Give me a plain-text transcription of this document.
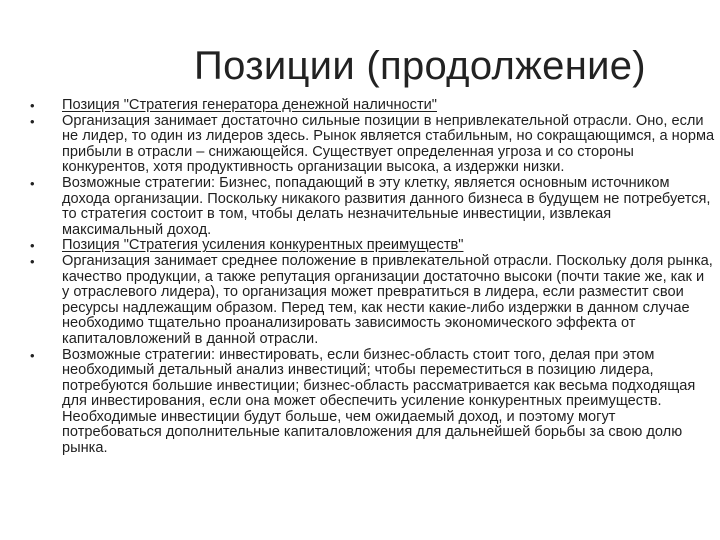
Позиции (продолжение)
•	Позиция "Стратегия генератора денежной наличности"
•	Организация занимает достаточно сильные позиции в непривлекательной отрасли. Оно, если не лидер, то один из лидеров здесь. Рынок является стабильным, но сокращающимся, а норма прибыли в отрасли – снижающейся. Существует определенная угроза и со стороны конкурентов, хотя продуктивность организации высока, а издержки низки.
•	Возможные стратегии: Бизнес, попадающий в эту клетку, является основным источником дохода организации. Поскольку никакого развития данного бизнеса в будущем не потребуется, то стратегия состоит в том, чтобы делать незначительные инвестиции, извлекая максимальный доход.
•	Позиция "Стратегия усиления конкурентных преимуществ"
•	Организация занимает среднее положение в привлекательной отрасли. Поскольку доля рынка, качество продукции, а также репутация организации достаточно высоки (почти такие же, как и у отраслевого лидера), то организация может превратиться в лидера, если разместит свои ресурсы надлежащим образом. Перед тем, как нести какие-либо издержки в данном случае необходимо тщательно проанализировать зависимость экономического эффекта от капиталовложений в данной отрасли.
•	Возможные стратегии: инвестировать, если бизнес-область стоит того, делая при этом необходимый детальный анализ инвестиций; чтобы переместиться в позицию лидера, потребуются большие инвестиции; бизнес-область рассматривается как весьма подходящая для инвестирования, если она может обеспечить усиление конкурентных преимуществ. Необходимые инвестиции будут больше, чем ожидаемый доход, и поэтому могут потребоваться дополнительные капиталовложения для дальнейшей борьбы за свою долю рынка.
